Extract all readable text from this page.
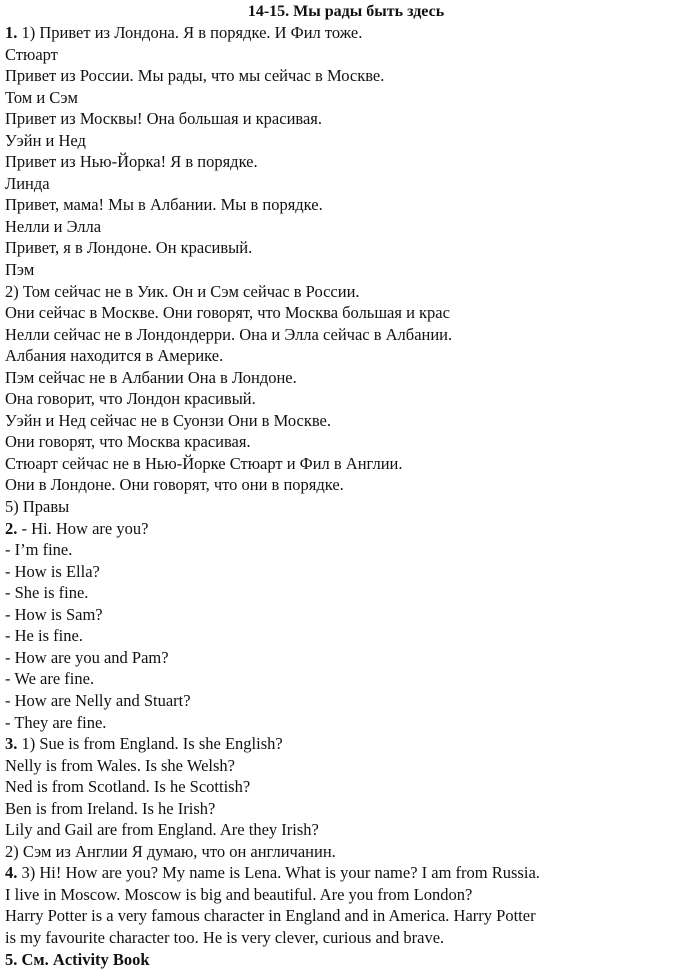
14-15. Мы рады быть здесь
1. 1) Привет из Лондона. Я в порядке. И Фил тоже.
Стюарт
Привет из России. Мы рады, что мы сейчас в Москве.
Том и Сэм
Привет из Москвы! Она большая и красивая.
Уэйн и Нед
Привет из Нью-Йорка! Я в порядке.
Линда
Привет, мама! Мы в Албании. Мы в порядке.
Нелли и Элла
Привет, я в Лондоне. Он красивый.
Пэм
2) Том сейчас не в Уик. Он и Сэм сейчас в России.
Они сейчас в Москве. Они говорят, что Москва большая и крас
Нелли сейчас не в Лондондерри. Она и Элла сейчас в Албании.
Албания находится в Америке.
Пэм сейчас не в Албании Она в Лондоне.
Она говорит, что Лондон красивый.
Уэйн и Нед сейчас не в Суонзи Они в Москве.
Они говорят, что Москва красивая.
Стюарт сейчас не в Нью-Йорке Стюарт и Фил в Англии.
Они в Лондоне. Они говорят, что они в порядке.
5) Правы
2. - Hi. How are you?
- I’m fine.
- How is Ella?
- She is fine.
- How is Sam?
- He is fine.
- How are you and Pam?
- We are fine.
- How are Nelly and Stuart?
- They are fine.
3. 1) Sue is from England. Is she English?
Nelly is from Wales. Is she Welsh?
Ned is from Scotland. Is he Scottish?
Ben is from Ireland. Is he Irish?
Lily and Gail are from England. Are they Irish?
2) Сэм из Англии Я думаю, что он англичанин.
4. 3) Hi! How are you? My name is Lena. What is your name? I am from Russia.
I live in Moscow. Moscow is big and beautiful. Are you from London?
Harry Potter is a very famous character in England and in America. Harry Potter
is my favourite character too. He is very clever, curious and brave.
5. См. Activity Book
